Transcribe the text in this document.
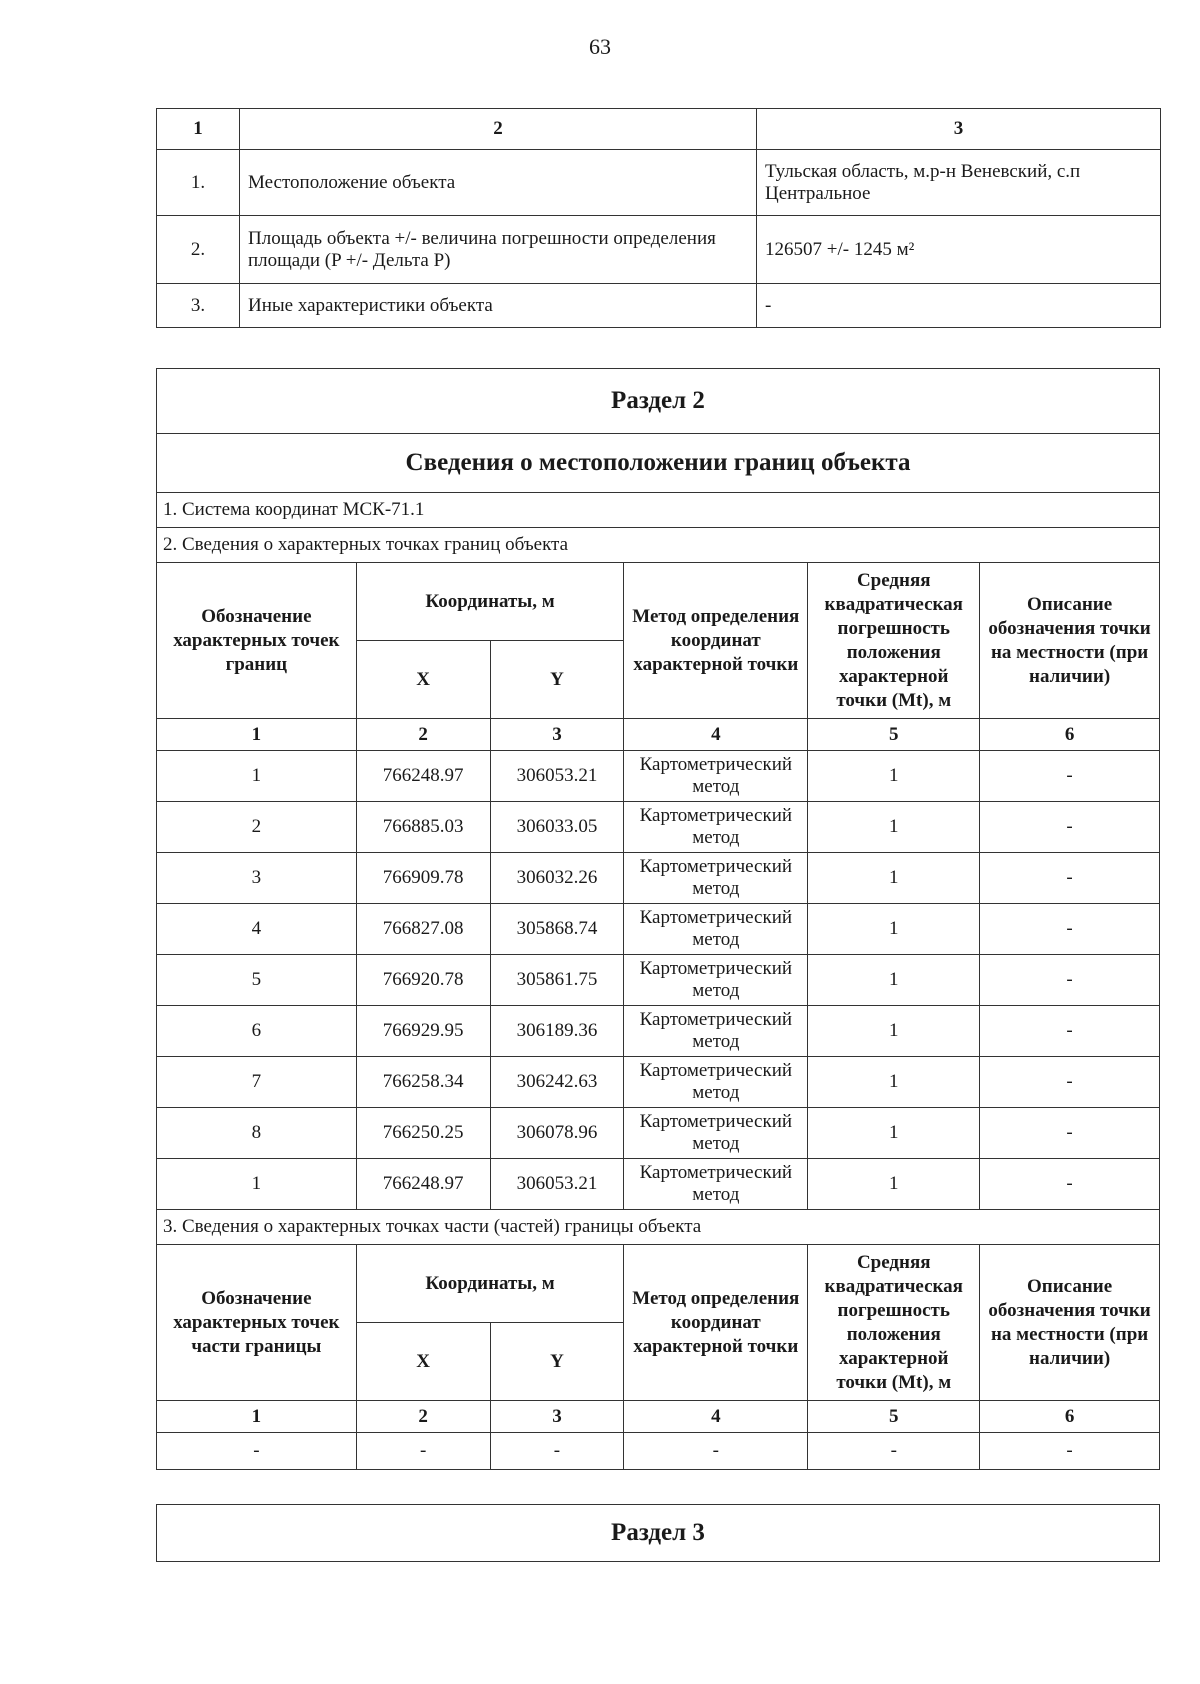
63
1	2	3
1.	Местоположение объекта	Тульская область, м.р-н Веневский, с.п Центральное
2.	Площадь объекта +/- величина погрешности определения площади (P +/- Дельта P)	126507 +/- 1245 м²
3.	Иные характеристики объекта	-
Раздел 2					
Сведения о местоположении границ объекта					
1. Система координат МСК-71.1					
2. Сведения о характерных точках границ объекта					
Обозначение характерных точек границ	Координаты, м		Метод определения координат характерной точки	Средняя квадратическая погрешность положения характерной точки (Mt), м	Описание обозначения точки на местности (при наличии)
	X	Y			
1	2	3	4	5	6
1	766248.97	306053.21	Картометрический метод	1	-
2	766885.03	306033.05	Картометрический метод	1	-
3	766909.78	306032.26	Картометрический метод	1	-
4	766827.08	305868.74	Картометрический метод	1	-
5	766920.78	305861.75	Картометрический метод	1	-
6	766929.95	306189.36	Картометрический метод	1	-
7	766258.34	306242.63	Картометрический метод	1	-
8	766250.25	306078.96	Картометрический метод	1	-
1	766248.97	306053.21	Картометрический метод	1	-
3. Сведения о характерных точках части (частей) границы объекта					
Обозначение характерных точек части границы	Координаты, м		Метод определения координат характерной точки	Средняя квадратическая погрешность положения характерной точки (Mt), м	Описание обозначения точки на местности (при наличии)
	X	Y			
1	2	3	4	5	6
-	-	-	-	-	-
Раздел 3
